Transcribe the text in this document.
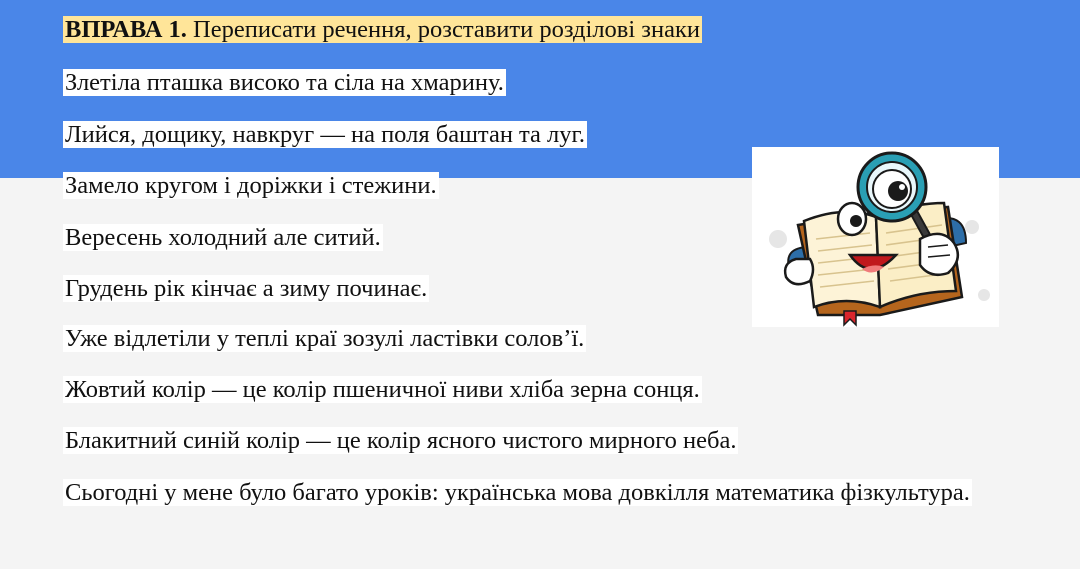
ВПРАВА 1. Переписати речення, розставити розділові знаки
Злетіла пташка високо та сіла на хмарину.
Лийся, дощику, навкруг — на поля баштан та луг.
Замело кругом і доріжки і стежини.
Вересень холодний але ситий.
Грудень рік кінчає а зиму починає.
Уже відлетіли у теплі краї зозулі ластівки солов’ї.
Жовтий колір — це колір пшеничної ниви хліба зерна сонця.
Блакитний синій колір — це колір ясного чистого мирного неба.
Сьогодні у мене було багато уроків: українська мова довкілля математика фізкультура.
